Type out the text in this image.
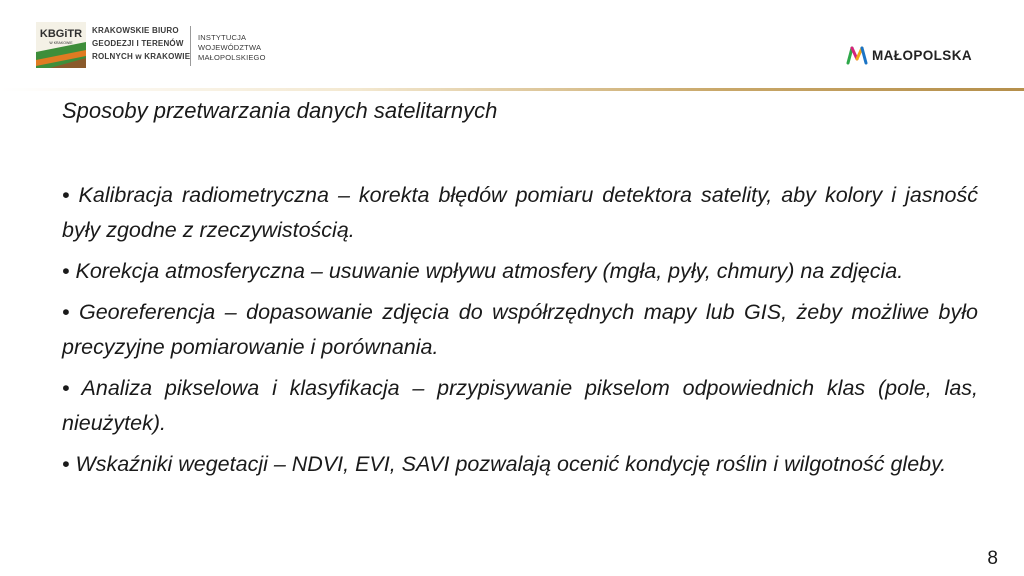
KBGiTR
W KRAKOWIE
KRAKOWSKIE BIURO
GEODEZJI I TERENÓW
ROLNYCH w KRAKOWIE
INSTYTUCJA
WOJEWÓDZTWA
MAŁOPOLSKIEGO	MAŁOPOLSKA
Sposoby przetwarzania danych satelitarnych
• Kalibracja radiometryczna – korekta błędów pomiaru detektora satelity, aby kolory i jasność były zgodne z rzeczywistością.
• Korekcja atmosferyczna – usuwanie wpływu atmosfery (mgła, pyły, chmury) na zdjęcia.
• Georeferencja – dopasowanie zdjęcia do współrzędnych mapy lub GIS, żeby możliwe było precyzyjne pomiarowanie i porównania.
• Analiza pikselowa i klasyfikacja – przypisywanie pikselom odpowiednich klas (pole, las, nieużytek).
• Wskaźniki wegetacji – NDVI, EVI, SAVI pozwalają ocenić kondycję roślin i wilgotność gleby.
8
